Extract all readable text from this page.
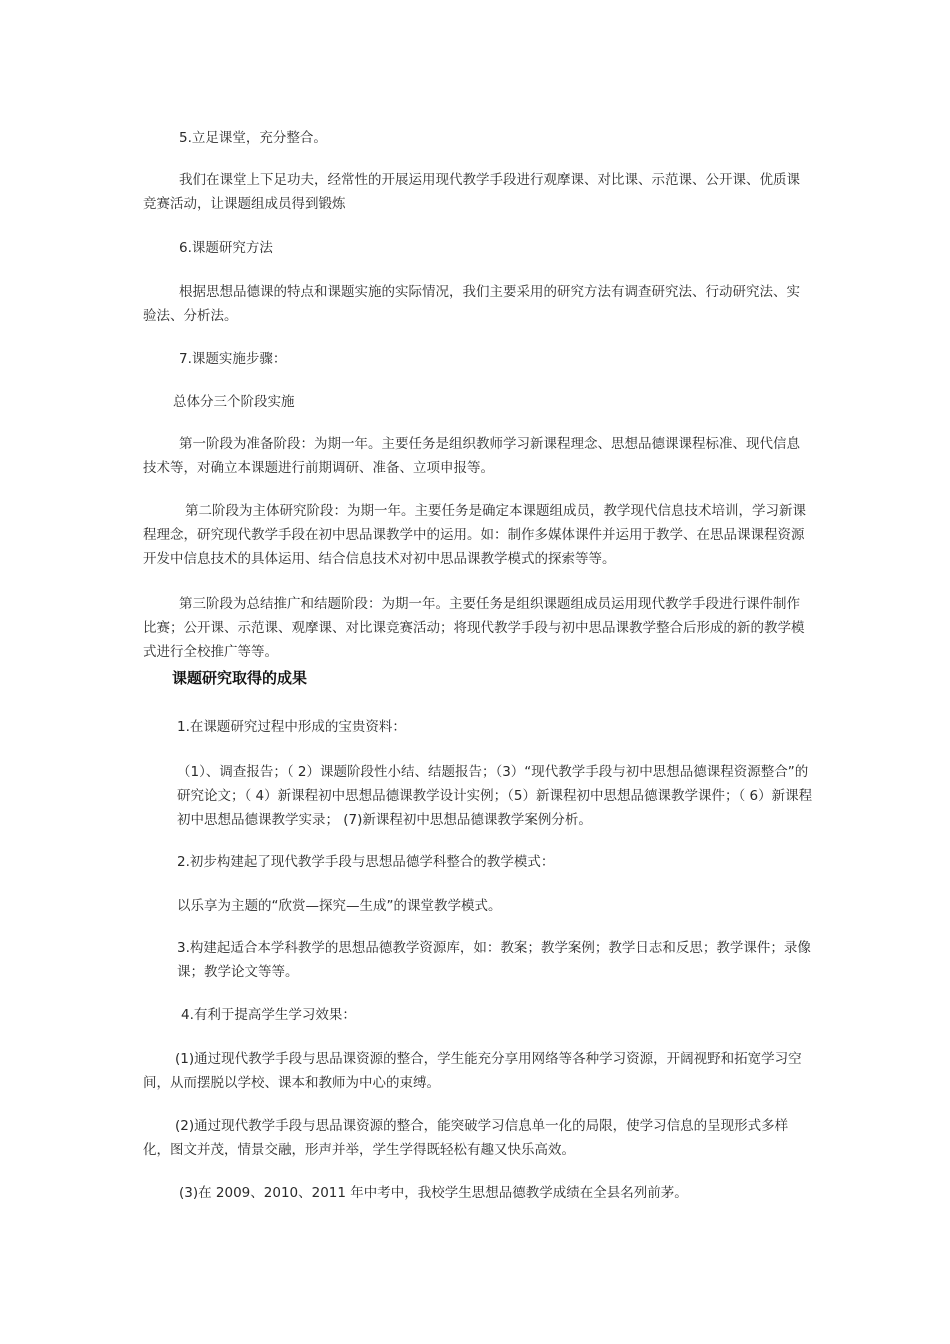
5.立足课堂，充分整合。

我们在课堂上下足功夫，经常性的开展运用现代教学手段进行观摩课、对比课、示范课、公开课、优质课竞赛活动，让课题组成员得到锻炼

6.课题研究方法

根据思想品德课的特点和课题实施的实际情况，我们主要采用的研究方法有调查研究法、行动研究法、实验法、分析法。

7.课题实施步骤：

总体分三个阶段实施

第一阶段为准备阶段：为期一年。主要任务是组织教师学习新课程理念、思想品德课课程标准、现代信息技术等，对确立本课题进行前期调研、准备、立项申报等。

第二阶段为主体研究阶段：为期一年。主要任务是确定本课题组成员，教学现代信息技术培训，学习新课程理念，研究现代教学手段在初中思品课教学中的运用。如：制作多媒体课件并运用于教学、在思品课课程资源开发中信息技术的具体运用、结合信息技术对初中思品课教学模式的探索等等。

第三阶段为总结推广和结题阶段：为期一年。主要任务是组织课题组成员运用现代教学手段进行课件制作比赛；公开课、示范课、观摩课、对比课竞赛活动；将现代教学手段与初中思品课教学整合后形成的新的教学模式进行全校推广等等。

课题研究取得的成果

1.在课题研究过程中形成的宝贵资料：

（1）、调查报告；（ 2）课题阶段性小结、结题报告；（3）“现代教学手段与初中思想品德课程资源整合”的研究论文；（ 4）新课程初中思想品德课教学设计实例；（5）新课程初中思想品德课教学课件；（ 6）新课程初中思想品德课教学实录； (7)新课程初中思想品德课教学案例分析。

2.初步构建起了现代教学手段与思想品德学科整合的教学模式：

以乐享为主题的“欣赏—探究—生成”的课堂教学模式。

3.构建起适合本学科教学的思想品德教学资源库，如：教案；教学案例；教学日志和反思；教学课件；录像课；教学论文等等。

4.有利于提高学生学习效果：

(1)通过现代教学手段与思品课资源的整合，学生能充分享用网络等各种学习资源，开阔视野和拓宽学习空间，从而摆脱以学校、课本和教师为中心的束缚。

(2)通过现代教学手段与思品课资源的整合，能突破学习信息单一化的局限，使学习信息的呈现形式多样化，图文并茂，情景交融，形声并举，学生学得既轻松有趣又快乐高效。

(3)在 2009、2010、2011 年中考中，我校学生思想品德教学成绩在全县名列前茅。
